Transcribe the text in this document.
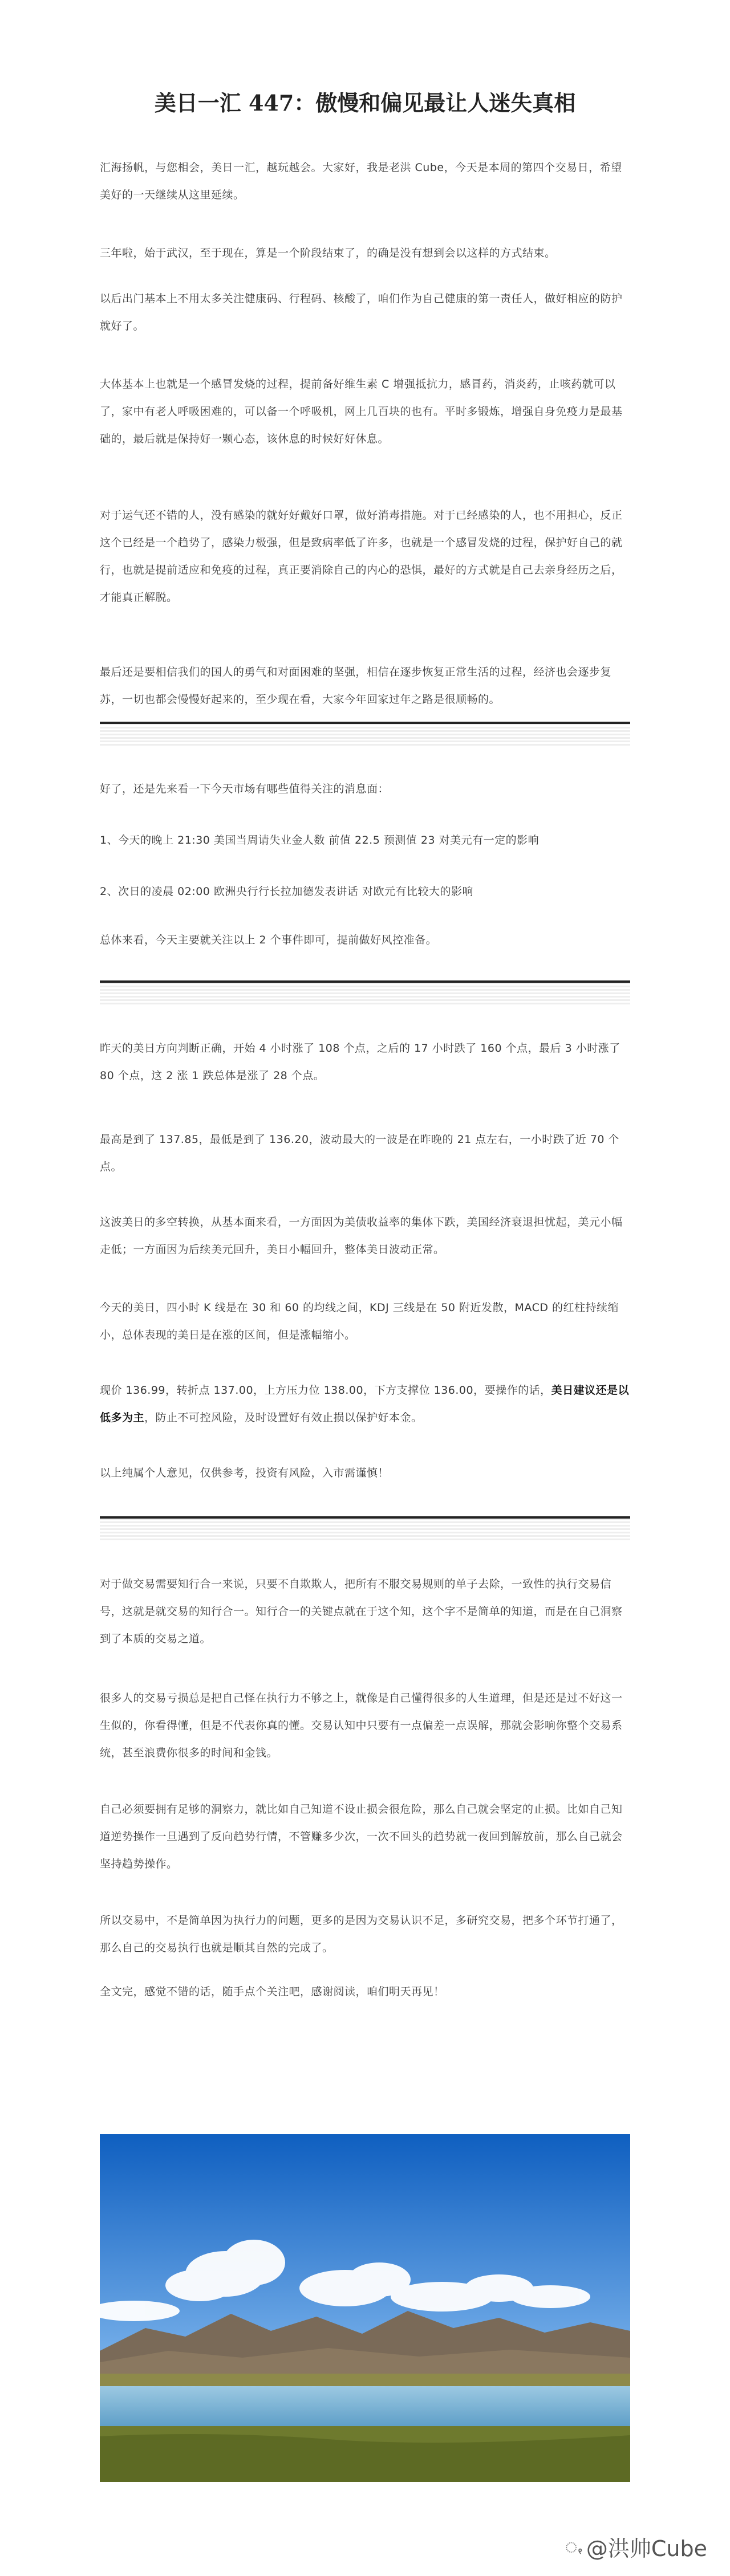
美日一汇 447：傲慢和偏见最让人迷失真相

汇海扬帆，与您相会，美日一汇，越玩越会。大家好，我是老洪 Cube，今天是本周的第四个交易日，希望美好的一天继续从这里延续。

三年啦，始于武汉，至于现在，算是一个阶段结束了，的确是没有想到会以这样的方式结束。

以后出门基本上不用太多关注健康码、行程码、核酸了，咱们作为自己健康的第一责任人，做好相应的防护就好了。

大体基本上也就是一个感冒发烧的过程，提前备好维生素 C 增强抵抗力，感冒药，消炎药，止咳药就可以了，家中有老人呼吸困难的，可以备一个呼吸机，网上几百块的也有。平时多锻炼，增强自身免疫力是最基础的，最后就是保持好一颗心态，该休息的时候好好休息。

对于运气还不错的人，没有感染的就好好戴好口罩，做好消毒措施。对于已经感染的人，也不用担心，反正这个已经是一个趋势了，感染力极强，但是致病率低了许多，也就是一个感冒发烧的过程，保护好自己的就行，也就是提前适应和免疫的过程，真正要消除自己的内心的恐惧，最好的方式就是自己去亲身经历之后，才能真正解脱。

最后还是要相信我们的国人的勇气和对面困难的坚强，相信在逐步恢复正常生活的过程，经济也会逐步复苏，一切也都会慢慢好起来的，至少现在看，大家今年回家过年之路是很顺畅的。

好了，还是先来看一下今天市场有哪些值得关注的消息面：

1、今天的晚上 21:30 美国当周请失业金人数 前值 22.5 预测值 23 对美元有一定的影响

2、次日的凌晨 02:00 欧洲央行行长拉加德发表讲话 对欧元有比较大的影响

总体来看，今天主要就关注以上 2 个事件即可，提前做好风控准备。

昨天的美日方向判断正确，开始 4 小时涨了 108 个点，之后的 17 小时跌了 160 个点，最后 3 小时涨了 80 个点，这 2 涨 1 跌总体是涨了 28 个点。

最高是到了 137.85，最低是到了 136.20，波动最大的一波是在昨晚的 21 点左右，一小时跌了近 70 个点。

这波美日的多空转换，从基本面来看，一方面因为美债收益率的集体下跌，美国经济衰退担忧起，美元小幅走低；一方面因为后续美元回升，美日小幅回升，整体美日波动正常。

今天的美日，四小时 K 线是在 30 和 60 的均线之间，KDJ 三线是在 50 附近发散，MACD 的红柱持续缩小，总体表现的美日是在涨的区间，但是涨幅缩小。

现价 136.99，转折点 137.00，上方压力位 138.00，下方支撑位 136.00，要操作的话，美日建议还是以低多为主，防止不可控风险，及时设置好有效止损以保护好本金。

以上纯属个人意见，仅供参考，投资有风险，入市需谨慎！

对于做交易需要知行合一来说，只要不自欺欺人，把所有不服交易规则的单子去除，一致性的执行交易信号，这就是就交易的知行合一。知行合一的关键点就在于这个知，这个字不是简单的知道，而是在自己洞察到了本质的交易之道。

很多人的交易亏损总是把自己怪在执行力不够之上，就像是自己懂得很多的人生道理，但是还是过不好这一生似的，你看得懂，但是不代表你真的懂。交易认知中只要有一点偏差一点误解，那就会影响你整个交易系统，甚至浪费你很多的时间和金钱。

自己必须要拥有足够的洞察力，就比如自己知道不设止损会很危险，那么自己就会坚定的止损。比如自己知道逆势操作一旦遇到了反向趋势行情，不管赚多少次，一次不回头的趋势就一夜回到解放前，那么自己就会坚持趋势操作。

所以交易中，不是简单因为执行力的问题，更多的是因为交易认识不足，多研究交易，把多个环节打通了，那么自己的交易执行也就是顺其自然的完成了。

全文完，感觉不错的话，随手点个关注吧，感谢阅读，咱们明天再见！

ꩻ @洪帅Cube
